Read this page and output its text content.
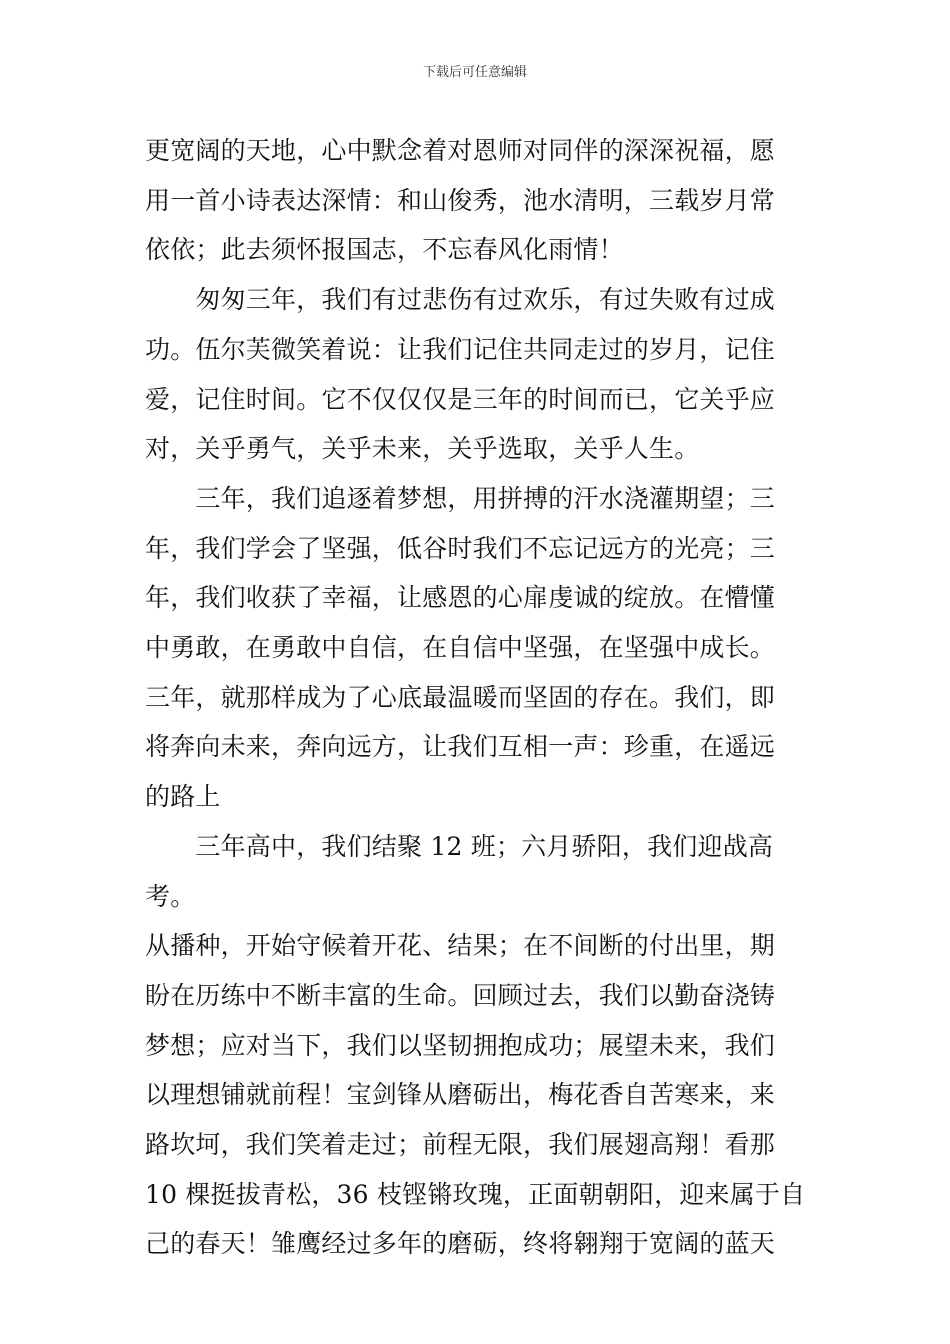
下载后可任意编辑

更宽阔的天地，心中默念着对恩师对同伴的深深祝福，愿
用一首小诗表达深情：和山俊秀，池水清明，三载岁月常
依依；此去须怀报国志，不忘春风化雨情！

　　匆匆三年，我们有过悲伤有过欢乐，有过失败有过成
功。伍尔芙微笑着说：让我们记住共同走过的岁月，记住
爱，记住时间。它不仅仅仅是三年的时间而已，它关乎应
对，关乎勇气，关乎未来，关乎选取，关乎人生。

　　三年，我们追逐着梦想，用拼搏的汗水浇灌期望；三
年，我们学会了坚强，低谷时我们不忘记远方的光亮；三
年，我们收获了幸福，让感恩的心扉虔诚的绽放。在懵懂
中勇敢，在勇敢中自信，在自信中坚强，在坚强中成长。
三年，就那样成为了心底最温暖而坚固的存在。我们，即
将奔向未来，奔向远方，让我们互相一声：珍重，在遥远
的路上

　　三年高中，我们结聚 12 班；六月骄阳，我们迎战高考。
从播种，开始守候着开花、结果；在不间断的付出里，期
盼在历练中不断丰富的生命。回顾过去，我们以勤奋浇铸
梦想；应对当下，我们以坚韧拥抱成功；展望未来，我们
以理想铺就前程！宝剑锋从磨砺出，梅花香自苦寒来，来
路坎坷，我们笑着走过；前程无限，我们展翅高翔！看那
10 棵挺拔青松，36 枝铿锵玫瑰，正面朝朝阳，迎来属于自
己的春天！雏鹰经过多年的磨砺，终将翱翔于宽阔的蓝天
